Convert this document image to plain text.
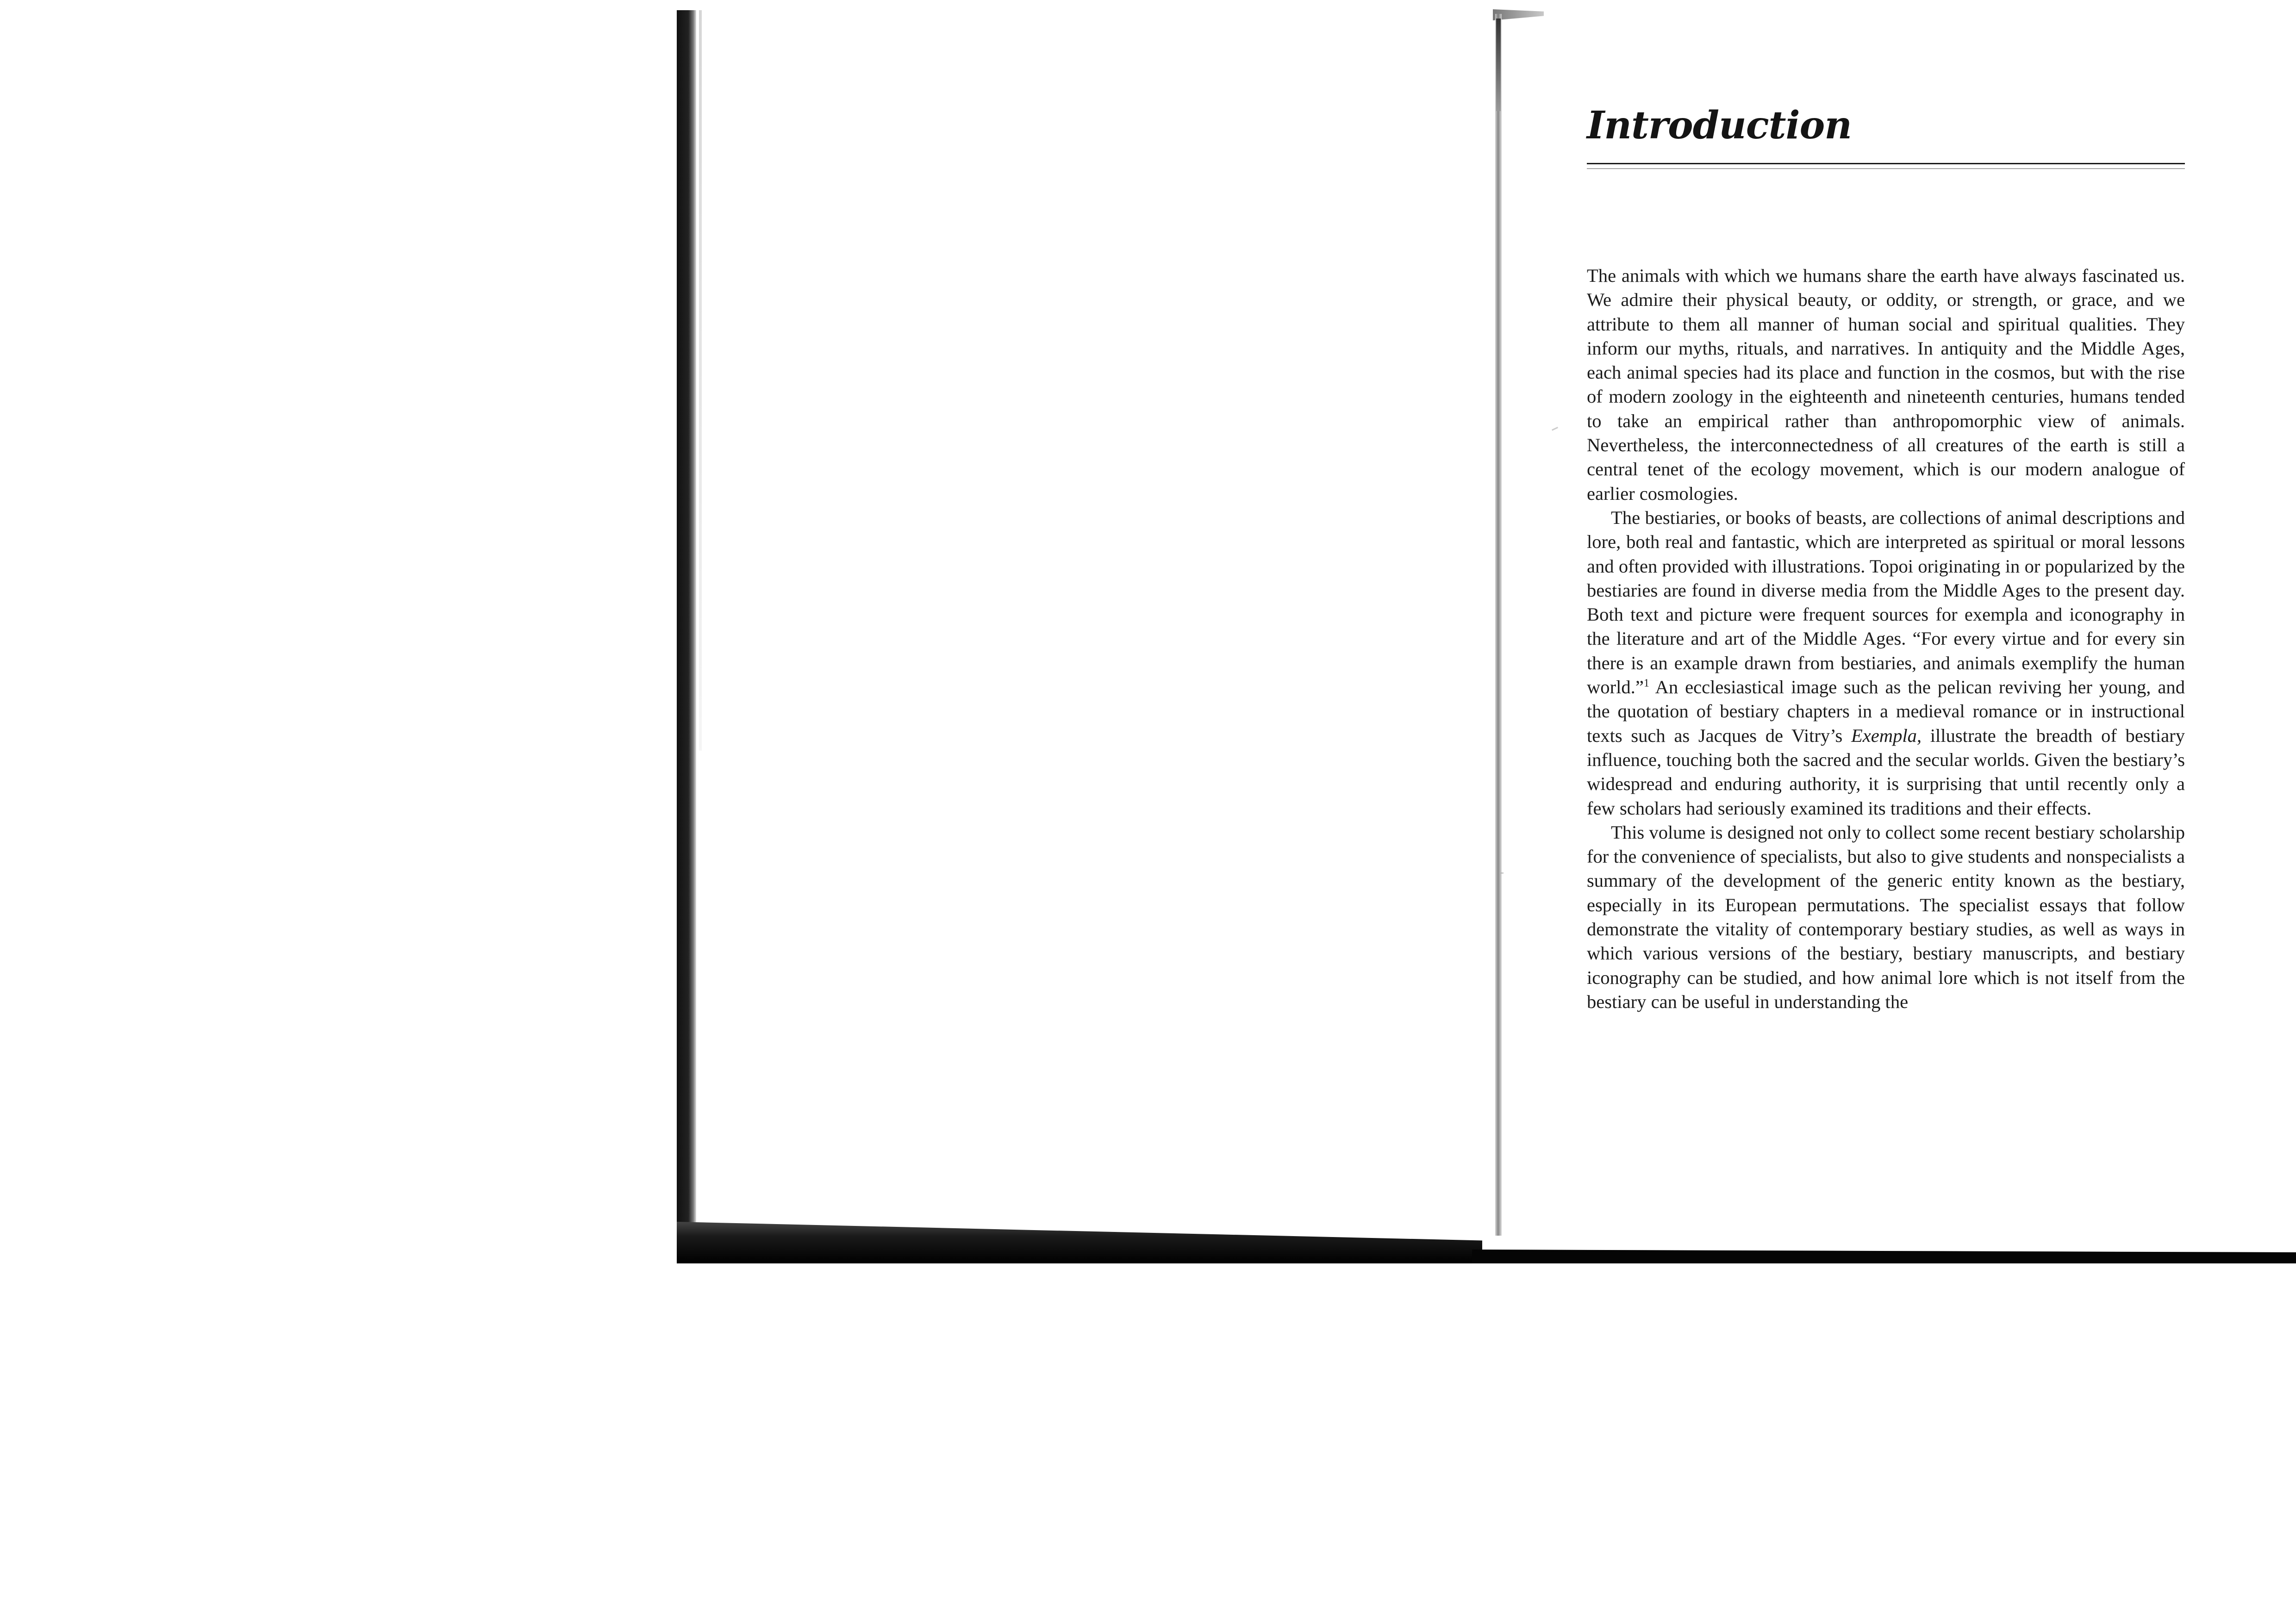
Introduction

The animals with which we humans share the earth have always fascinated us. We admire their physical beauty, or oddity, or strength, or grace, and we attribute to them all manner of human social and spiritual qualities. They inform our myths, rituals, and narratives. In antiquity and the Middle Ages, each animal species had its place and function in the cosmos, but with the rise of modern zoology in the eighteenth and nineteenth centuries, humans tended to take an empirical rather than anthropomorphic view of animals. Nevertheless, the interconnectedness of all creatures of the earth is still a central tenet of the ecology movement, which is our modern analogue of earlier cosmologies.

The bestiaries, or books of beasts, are collections of animal descriptions and lore, both real and fantastic, which are interpreted as spiritual or moral lessons and often provided with illustrations. Topoi originating in or popularized by the bestiaries are found in diverse media from the Middle Ages to the present day. Both text and picture were frequent sources for exempla and iconography in the literature and art of the Middle Ages. “For every virtue and for every sin there is an example drawn from bestiaries, and animals exemplify the human world.”$^1$ An ecclesiastical image such as the pelican reviving her young, and the quotation of bestiary chapters in a medieval romance or in instructional texts such as Jacques de Vitry’s Exempla, illustrate the breadth of bestiary influence, touching both the sacred and the secular worlds. Given the bestiary’s widespread and enduring authority, it is surprising that until recently only a few scholars had seriously examined its traditions and their effects.

This volume is designed not only to collect some recent bestiary scholarship for the convenience of specialists, but also to give students and nonspecialists a summary of the development of the generic entity known as the bestiary, especially in its European permutations. The specialist essays that follow demonstrate the vitality of contemporary bestiary studies, as well as ways in which various versions of the bestiary, bestiary manuscripts, and bestiary iconography can be studied, and how animal lore which is not itself from the bestiary can be useful in understanding the
